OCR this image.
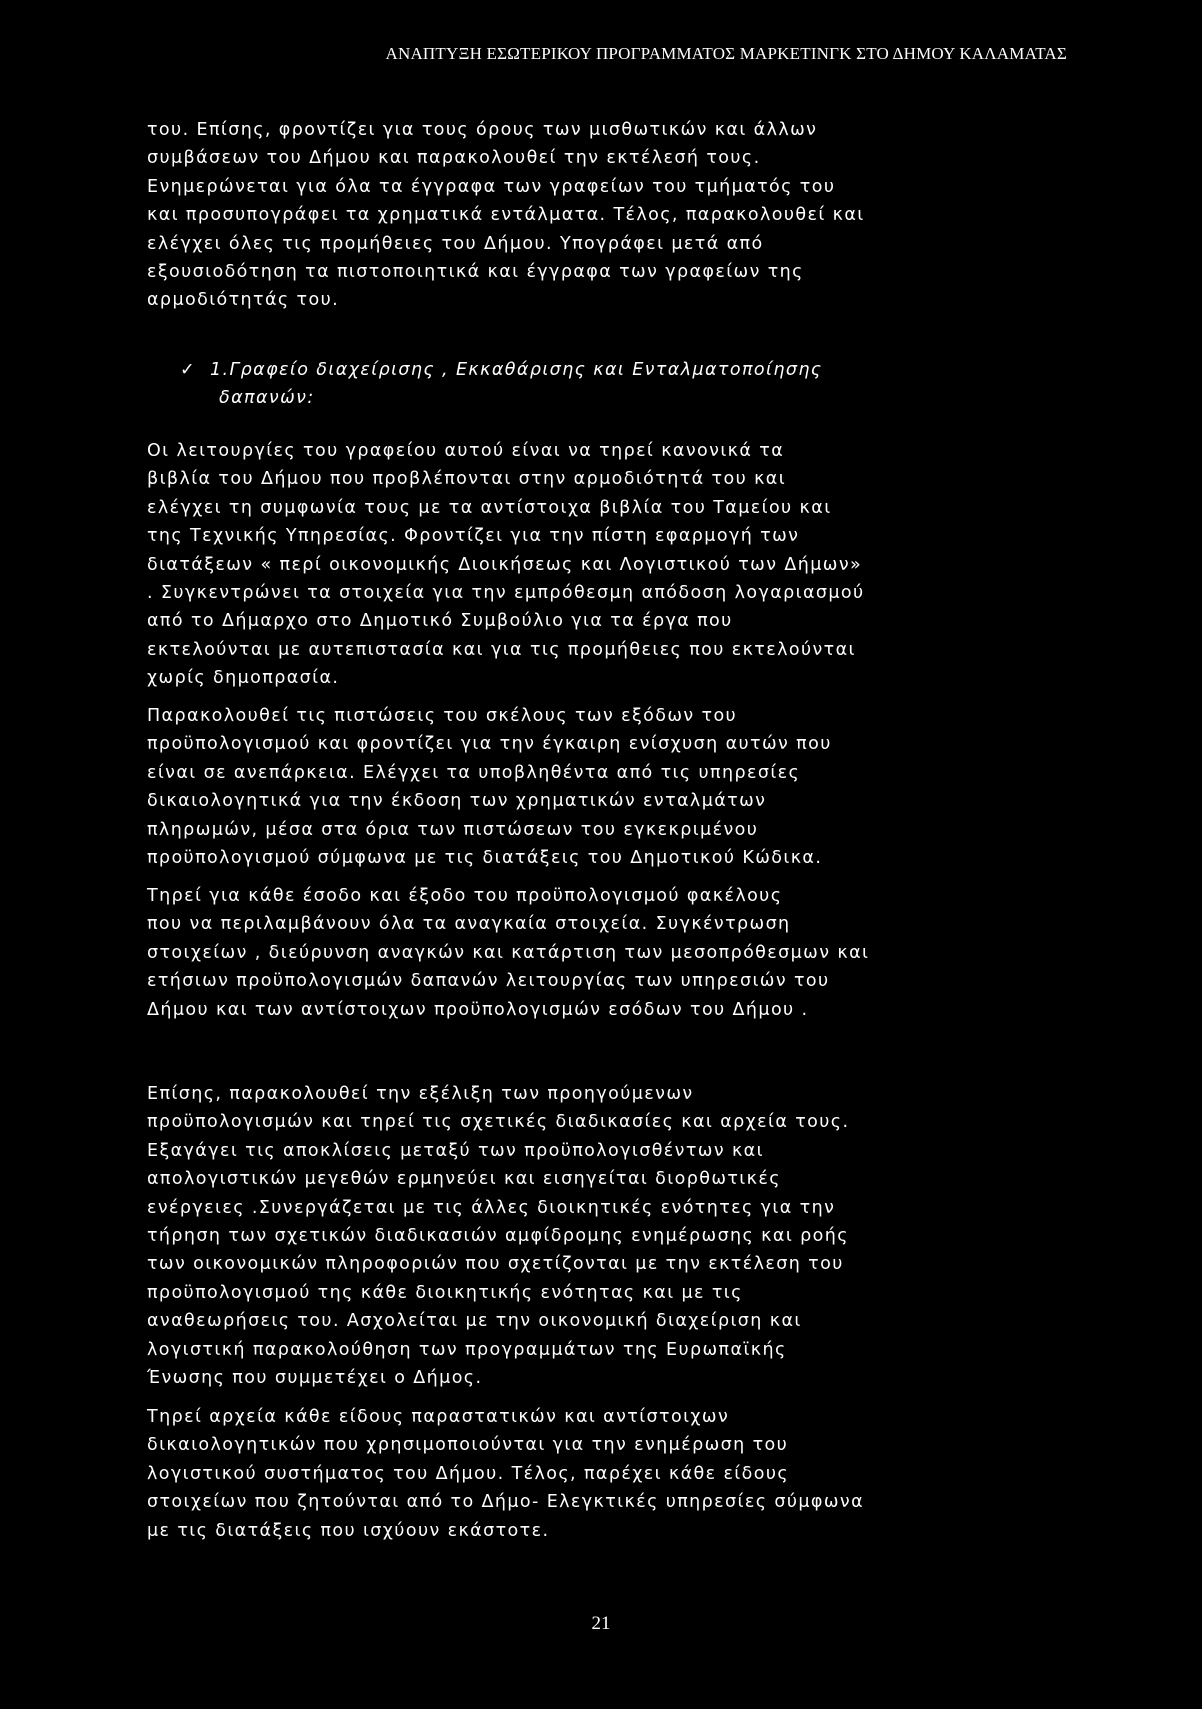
ΑΝΑΠΤΥΞΗ ΕΣΩΤΕΡΙΚΟΥ ΠΡΟΓΡΑΜΜΑΤΟΣ ΜΑΡΚΕΤΙΝΓΚ ΣΤΟ ΔΗΜΟΥ ΚΑΛΑΜΑΤΑΣ
του. Επίσης, φροντίζει για τους όρους των μισθωτικών και άλλων
συμβάσεων του Δήμου και παρακολουθεί την εκτέλεσή τους.
Ενημερώνεται για όλα τα έγγραφα των γραφείων του τμήματός του
και προσυπογράφει τα χρηματικά εντάλματα. Τέλος, παρακολουθεί και
ελέγχει όλες τις προμήθειες του Δήμου. Υπογράφει μετά από
εξουσιοδότηση τα πιστοποιητικά και έγγραφα των γραφείων της
αρμοδιότητάς του.
✓ 1.Γραφείο διαχείρισης , Εκκαθάρισης και Ενταλματοποίησης
δαπανών:
Οι λειτουργίες του γραφείου αυτού είναι να τηρεί κανονικά τα
βιβλία του Δήμου που προβλέπονται στην αρμοδιότητά του και
ελέγχει τη συμφωνία τους με τα αντίστοιχα βιβλία του Ταμείου και
της Τεχνικής Υπηρεσίας. Φροντίζει για την πίστη εφαρμογή των
διατάξεων « περί οικονομικής Διοικήσεως και Λογιστικού των Δήμων»
. Συγκεντρώνει τα στοιχεία για την εμπρόθεσμη απόδοση λογαριασμού
από το Δήμαρχο στο Δημοτικό Συμβούλιο για τα έργα που
εκτελούνται με αυτεπιστασία και για τις προμήθειες που εκτελούνται
χωρίς δημοπρασία.
Παρακολουθεί τις πιστώσεις του σκέλους των εξόδων του
προϋπολογισμού και φροντίζει για την έγκαιρη ενίσχυση αυτών που
είναι σε ανεπάρκεια. Ελέγχει τα υποβληθέντα από τις υπηρεσίες
δικαιολογητικά για την έκδοση των χρηματικών ενταλμάτων
πληρωμών, μέσα στα όρια των πιστώσεων του εγκεκριμένου
προϋπολογισμού σύμφωνα με τις διατάξεις του Δημοτικού Κώδικα.
Τηρεί για κάθε έσοδο και έξοδο του προϋπολογισμού φακέλους
που να περιλαμβάνουν όλα τα αναγκαία στοιχεία. Συγκέντρωση
στοιχείων , διεύρυνση αναγκών και κατάρτιση των μεσοπρόθεσμων και
ετήσιων προϋπολογισμών δαπανών λειτουργίας των υπηρεσιών του
Δήμου και των αντίστοιχων προϋπολογισμών εσόδων του Δήμου .
Επίσης, παρακολουθεί την εξέλιξη των προηγούμενων
προϋπολογισμών και τηρεί τις σχετικές διαδικασίες και αρχεία τους.
Εξαγάγει τις αποκλίσεις μεταξύ των προϋπολογισθέντων και
απολογιστικών μεγεθών ερμηνεύει και εισηγείται διορθωτικές
ενέργειες .Συνεργάζεται με τις άλλες διοικητικές ενότητες για την
τήρηση των σχετικών διαδικασιών αμφίδρομης ενημέρωσης και ροής
των οικονομικών πληροφοριών που σχετίζονται με την εκτέλεση του
προϋπολογισμού της κάθε διοικητικής ενότητας και με τις
αναθεωρήσεις του. Ασχολείται με την οικονομική διαχείριση και
λογιστική παρακολούθηση των προγραμμάτων της Ευρωπαϊκής
Ένωσης που συμμετέχει ο Δήμος.
Τηρεί αρχεία κάθε είδους παραστατικών και αντίστοιχων
δικαιολογητικών που χρησιμοποιούνται για την ενημέρωση του
λογιστικού συστήματος του Δήμου. Τέλος, παρέχει κάθε είδους
στοιχείων που ζητούνται από το Δήμο- Ελεγκτικές υπηρεσίες σύμφωνα
με τις διατάξεις που ισχύουν εκάστοτε.
21
